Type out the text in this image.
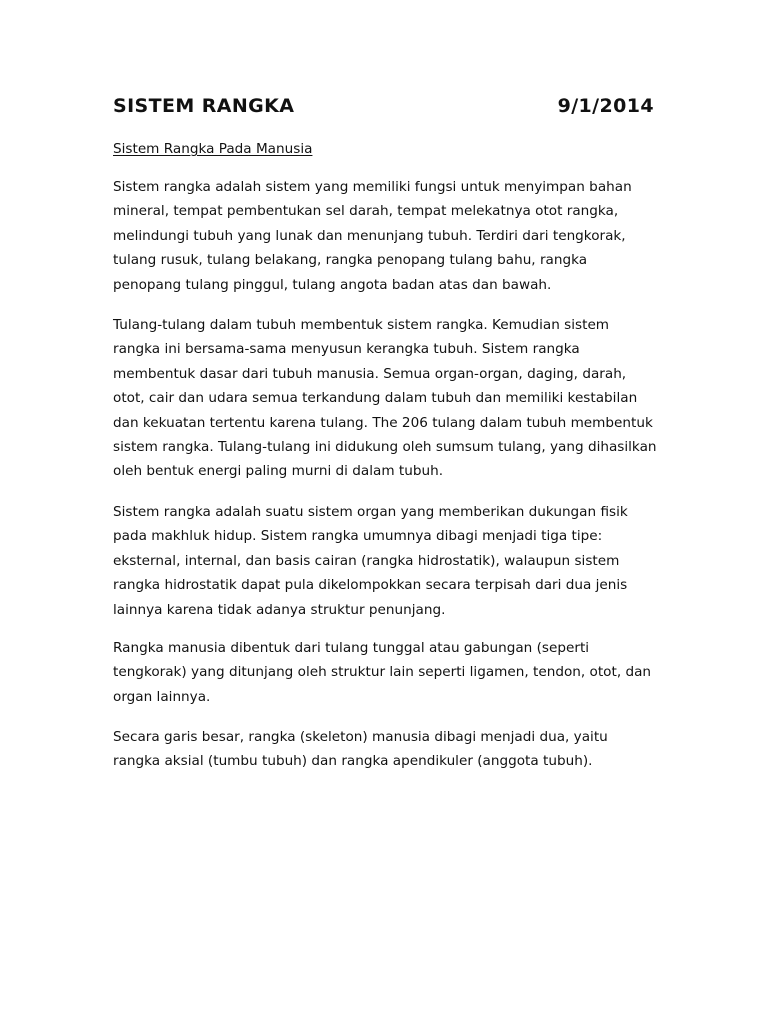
SISTEM RANGKA	9/1/2014
Sistem Rangka Pada Manusia

Sistem rangka adalah sistem yang memiliki fungsi untuk menyimpan bahan mineral, tempat pembentukan sel darah, tempat melekatnya otot rangka, melindungi tubuh yang lunak dan menunjang tubuh. Terdiri dari tengkorak, tulang rusuk, tulang belakang, rangka penopang tulang bahu, rangka penopang tulang pinggul, tulang angota badan atas dan bawah.

Tulang-tulang dalam tubuh membentuk sistem rangka. Kemudian sistem rangka ini bersama-sama menyusun kerangka tubuh. Sistem rangka membentuk dasar dari tubuh manusia. Semua organ-organ, daging, darah, otot, cair dan udara semua terkandung dalam tubuh dan memiliki kestabilan dan kekuatan tertentu karena tulang. The 206 tulang dalam tubuh membentuk sistem rangka. Tulang-tulang ini didukung oleh sumsum tulang, yang dihasilkan oleh bentuk energi paling murni di dalam tubuh.

Sistem rangka adalah suatu sistem organ yang memberikan dukungan fisik pada makhluk hidup. Sistem rangka umumnya dibagi menjadi tiga tipe: eksternal, internal, dan basis cairan (rangka hidrostatik), walaupun sistem rangka hidrostatik dapat pula dikelompokkan secara terpisah dari dua jenis lainnya karena tidak adanya struktur penunjang.

Rangka manusia dibentuk dari tulang tunggal atau gabungan (seperti tengkorak) yang ditunjang oleh struktur lain seperti ligamen, tendon, otot, dan organ lainnya.

Secara garis besar, rangka (skeleton) manusia dibagi menjadi dua, yaitu rangka aksial (tumbu tubuh) dan rangka apendikuler (anggota tubuh).
